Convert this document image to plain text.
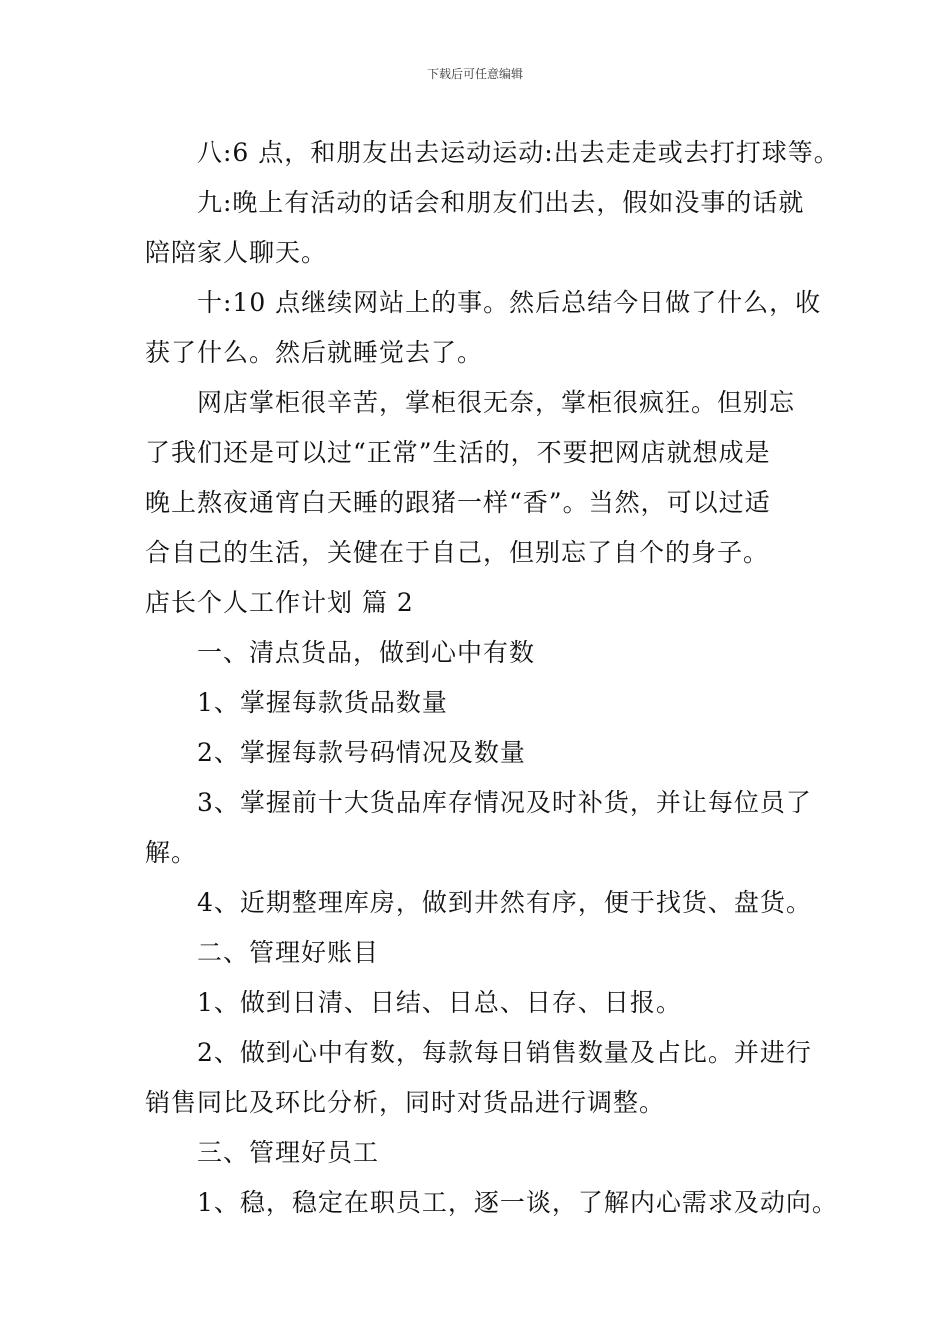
下载后可任意编辑

八:6 点，和朋友出去运动运动:出去走走或去打打球等。

九:晚上有活动的话会和朋友们出去，假如没事的话就
陪陪家人聊天。

十:10 点继续网站上的事。然后总结今日做了什么，收
获了什么。然后就睡觉去了。

网店掌柜很辛苦，掌柜很无奈，掌柜很疯狂。但别忘
了我们还是可以过“正常”生活的，不要把网店就想成是
晚上熬夜通宵白天睡的跟猪一样“香”。当然，可以过适
合自己的生活，关健在于自己，但别忘了自个的身子。

店长个人工作计划 篇 2

一、清点货品，做到心中有数

1、掌握每款货品数量

2、掌握每款号码情况及数量

3、掌握前十大货品库存情况及时补货，并让每位员了
解。

4、近期整理库房，做到井然有序，便于找货、盘货。

二、管理好账目

1、做到日清、日结、日总、日存、日报。

2、做到心中有数，每款每日销售数量及占比。并进行
销售同比及环比分析，同时对货品进行调整。

三、管理好员工

1、稳，稳定在职员工，逐一谈，了解内心需求及动向。
